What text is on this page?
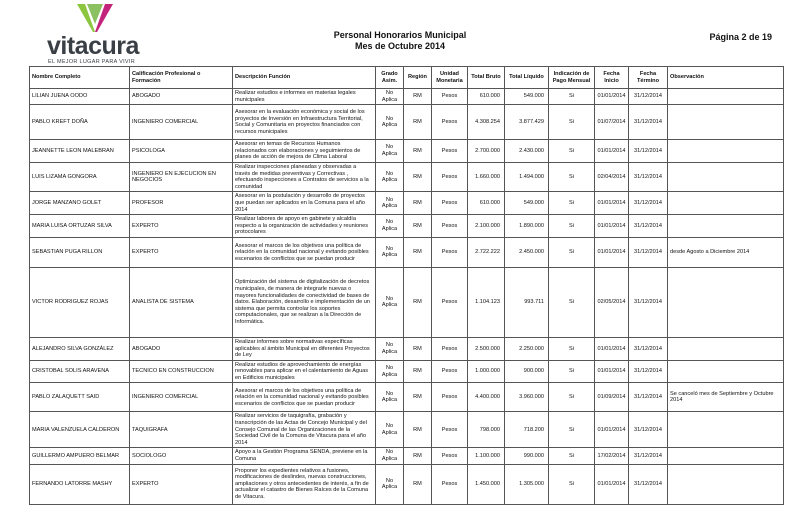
vitacura
EL MEJOR LUGAR PARA VIVIR
Personal Honorarios Municipal
Mes de Octubre 2014
Página 2 de 19
Nombre Completo	Calificación Profesional o Formación	Descripción Función	Grado Asim.	Región	Unidad Monetaria	Total Bruto	Total Líquido	Indicación de Pago Mensual	Fecha Inicio	Fecha Término	Observación
LILIAN JUENA OODO	ABOGADO	Realizar estudios e informes en materias legales municipales	No Aplica	RM	Pesos	610.000	549.000	Si	01/01/2014	31/12/2014	
PABLO KREFT DOÑA	INGENIERO COMERCIAL	Asesorar en la evaluación económica y social de los proyectos de Inversión en Infraestructura Territorial, Social y Comunitaria en proyectos financiados con recursos municipales	No Aplica	RM	Pesos	4.308.254	3.877.429	Si	01/07/2014	31/12/2014	
JEANNETTE LEON MALEBRAN	PSICOLOGA	Asesorar en temas de Recursos Humanos relacionados con elaboraciones y seguimientos de planes de acción de mejora de Clima Laboral	No Aplica	RM	Pesos	2.700.000	2.430.000	Si	01/01/2014	31/12/2014	
LUIS LIZAMA GONGORA	INGENIERO EN EJECUCION EN NEGOCIOS	Realizar inspecciones planeadas y observadas a través de medidas preventivas y Correctivas , efectuando inspecciones a Contratos de servicios a la comunidad	No Aplica	RM	Pesos	1.660.000	1.494.000	Si	02/04/2014	31/12/2014	
JORGE MANZANO GOLET	PROFESOR	Asesorar en la postulación y desarrollo de proyectos que puedan ser aplicados en la Comuna para el año 2014	No Aplica	RM	Pesos	610.000	549.000	Si	01/01/2014	31/12/2014	
MARIA LUISA ORTUZAR SILVA	EXPERTO	Realizar labores de apoyo en gabinete y alcaldía respecto a la organización de actividades y reuniones protocolares	No Aplica	RM	Pesos	2.100.000	1.890.000	Si	01/01/2014	31/12/2014	
SEBASTIAN PUGA RILLON	EXPERTO	Asesorar el marcos de los objetivos una política de relación en la comunidad nacional y evitando posibles escenarios de conflictos que se puedan producir	No Aplica	RM	Pesos	2.722.222	2.450.000	Si	01/01/2014	31/12/2014	desde Agosto a Diciembre 2014
VICTOR RODRIGUEZ ROJAS	ANALISTA DE SISTEMA	Optimización del sistema de digitalización de decretos municipales, de manera de integrarle nuevas o mayores funcionalidades de conectividad de bases de datos. Elaboración, desarrollo e implementación de un sistema que permita controlar los soportes computacionales, que se realizan a la Dirección de Informática.	No Aplica	RM	Pesos	1.104.123	993.711	Si	02/05/2014	31/12/2014	
ALEJANDRO SILVA GONZÁLEZ	ABOGADO	Realizar informes sobre normativas específicas aplicables al ámbito Municipal en diferentes Proyectos de Ley	No Aplica	RM	Pesos	2.500.000	2.250.000	Si	01/01/2014	31/12/2014	
CRISTOBAL SOLIS ARAVENA	TECNICO EN CONSTRUCCION	Realizar estudios de aprovechamiento de energías renovables para aplicar en el calentamiento de Aguas en Edificios municipales	No Aplica	RM	Pesos	1.000.000	900.000	Si	01/01/2014	31/12/2014	
PABLO ZALAQUETT SAID	INGENIERO COMERCIAL	Asesorar el marcos de los objetivos una política de relación en la comunidad nacional y evitando posibles escenarios de conflictos que se puedan producir	No Aplica	RM	Pesos	4.400.000	3.960.000	Si	01/09/2014	31/12/2014	Se canceló mes de Septiembre y Octubre 2014
MARIA VALENZUELA CALDERON	TAQUIGRAFA	Realizar servicios de taquigrafía, grabación y transcripción de las Actas de Concejo Municipal y del Consejo Comunal de las Organizaciones de la Sociedad Civil de la Comuna de Vitacura para el año 2014	No Aplica	RM	Pesos	798.000	718.200	Si	01/01/2014	31/12/2014	
GUILLERMO AMPUERO BELMAR	SOCIOLOGO	Apoyo a la Gestión Programa SENDA, previene en la Comuna	No Aplica	RM	Pesos	1.100.000	990.000	Si	17/02/2014	31/12/2014	
FERNANDO LATORRE MASHY	EXPERTO	Proponer los expedientes relativos a fusiones, modificaciones de deslindes, nuevas construcciones, ampliaciones y otros antecedentes de interés, a fin de actualizar el catastro de Bienes Raíces de la Comuna de Vitacura.	No Aplica	RM	Pesos	1.450.000	1.305.000	Si	01/01/2014	31/12/2014	
